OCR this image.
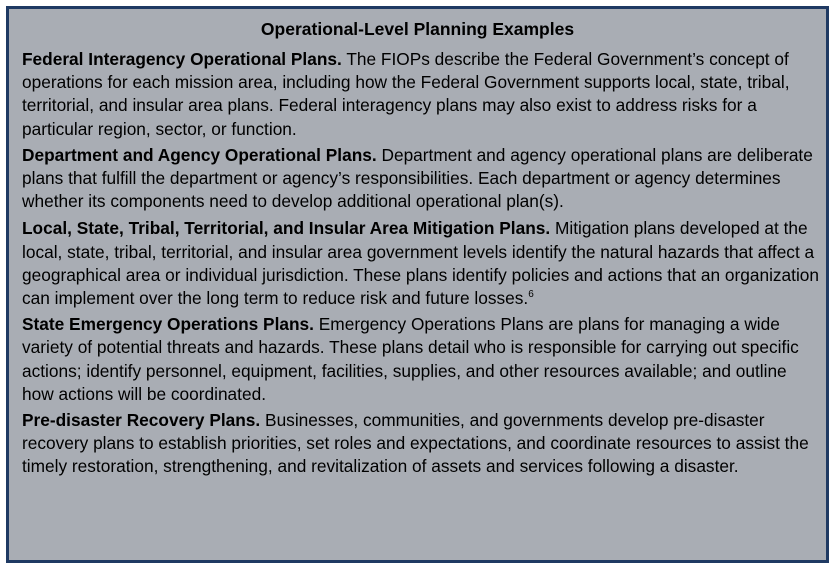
Operational-Level Planning Examples

Federal Interagency Operational Plans. The FIOPs describe the Federal Government’s concept of operations for each mission area, including how the Federal Government supports local, state, tribal, territorial, and insular area plans. Federal interagency plans may also exist to address risks for a particular region, sector, or function.

Department and Agency Operational Plans. Department and agency operational plans are deliberate plans that fulfill the department or agency’s responsibilities. Each department or agency determines whether its components need to develop additional operational plan(s).

Local, State, Tribal, Territorial, and Insular Area Mitigation Plans. Mitigation plans developed at the local, state, tribal, territorial, and insular area government levels identify the natural hazards that affect a geographical area or individual jurisdiction. These plans identify policies and actions that an organization can implement over the long term to reduce risk and future losses.$^6$

State Emergency Operations Plans. Emergency Operations Plans are plans for managing a wide variety of potential threats and hazards. These plans detail who is responsible for carrying out specific actions; identify personnel, equipment, facilities, supplies, and other resources available; and outline how actions will be coordinated.

Pre-disaster Recovery Plans. Businesses, communities, and governments develop pre-disaster recovery plans to establish priorities, set roles and expectations, and coordinate resources to assist the timely restoration, strengthening, and revitalization of assets and services following a disaster.
